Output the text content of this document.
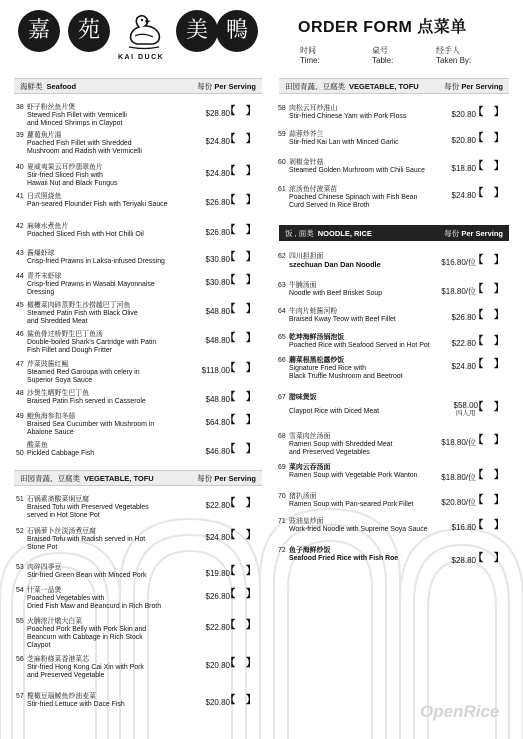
嘉	苑	美 鴨
KAI DUCK
ORDER FORM 点菜单
时间
Time:
桌号
Table:
经手人
Taken By:
海鮮类 Seafood	每份 Per Serving	田园青蔬、豆腐类 VEGETABLE, TOFU	每份 Per Serving
田园青蔬、豆腐类 VEGETABLE, TOFU	每份 Per Serving
饭 , 面类 NOODLE, RICE	每份 Per Serving
38 虾子粉丝鱼片煲
Stewed Fish Fillet with Vermicelli
and Minced Shrimps in Claypot
$28.80
【 】
39 蘿蔔魚片湯
Poached Fish Fillet with Shredded
Mushroom and Radish with Vermicelli
$24.80
【 】
40 夏威夷果云耳炒翡翠鱼片
Stir-fried Sliced Fish with
Hawaii Nut and Black Fungus
$24.80
【 】
41 日式照烧鱼
Pan-seared Flounder Fish with Teriyaki Sauce	$26.80
【 】
42 麻辣水煮鱼片
Poached Sliced Fish with Hot Chilli Oil	$26.80
【 】
43 酱爆虾球
Crisp-fried Prawns in Laksa-infused Dressing	$30.80
【 】
44 青芥末虾球
Crisp-fried Prawns in Wasabi Mayonnaise
Dressing
$30.80
【 】
45 橄欖菜肉碎蒸野生沙捞越巴丁河鱼
Steamed Patin Fish with Black Olive
and Shredded Meat
$48.80
【 】
46 鲨鱼骨过桥野生巴丁鱼汤
Double-boiled Shark's Cartridge with Patin
Fish Fillet and Dough Fritter
$48.80
【 】
47 芹菜豉酱红鲺
Steamed Red Garoupa with celery in
Superior Soya Sauce
$118.00
【 】
48 沙煲生晒野生巴丁鱼
Braised Patin Fish served in Casserole	$48.80
【 】
49 鮑魚海参扣冬菇
Braised Sea Cucumber with Mushroom in
Abalone Sauce
$64.80
【 】
50
酸菜鱼
Pickled Cabbage Fish	$46.80
【 】
51 石锅素斋酸菜焖豆腐
Braised Tofu with Preserved Vegetables
served in Hot Stone Pot
$22.80
【 】
52 石锅萝卜丝淡汤煮豆腐
Braised Tofu with Radish served in Hot
Stone Pot
$24.80
【 】
53 肉碎四季豆
Stir-fried Green Bean with Minced Pork	$19.80
【 】
54 什菜一品煲
Poached Vegetables with
Dried Fish Maw and Beancurd in Rich Broth
$26.80
【 】
55 火腩浓汁燉大白菜
Poached Pork Belly with Pork Skin and
Beancurn with Cabbage in Rich Stock
Claypot
$22.80
【 】
56 芝麻粉條菜香港菜芯
Stir-fried Hong Kong Cai Xin with Pork
and Preserved Vegetable
$20.80
【 】
57 榄橄豆瑙鯪鱼炒油麦菜
Stir-fried Lettuce with Dace Fish	$20.80
【 】
58 肉松云耳炒淮山
Stir-fried Chinese Yam with Pork Floss	$20.80
【 】
59 蒜蓉炒芥兰
Stir-fried Kai Lan with Minced Garlic	$20.80
【 】
60 剁椒金针菇
Steamed Golden Murhroom with Chili Sauce	$18.80
【 】
61 浓汤鱼付菠菜苗
Poached Chinese Spinach with Fish Bean
Curd Served In Rice Broth
$24.80
【 】
62 四川担担面
szechuan Dan Dan Noodle	$16.80/位
【 】
63 牛腩汤面
Noodle with Beef Brisket Soup	$18.80/位
【 】
64 牛肉片蚝酱河粉
Braised Kway Teow with Beef Fillet	$26.80
【 】
65 乾坤海鲜汤锅泡饭
Poached Rice with Seafood Served in Hot Pot	$22.80
【 】
66 蘑菜根黑松露炒饭
Signature Fried Rice with
Black Truffle Mushroom and Beetroot
$24.80
【 】
67 腊味煲饭
Claypot Rice with Diced Meat
$58.00
四人用
【 】
68 雪菜肉丝汤面
Ramen Soup with Shredded Meat
and Preserved Vegetables
$18.80/位
【 】
69 菜肉云吞汤面
Ramen Soup with Vegetable Pork Wanton	$18.80/位
【 】
70 猪扒汤面
Ramen Soup with Pan-seared Pork Fillet	$20.80/位
【 】
71 豉油皇炒面
Work-fried Noodle with Supreme Soya Sauce	$16.80
【 】
72 鱼子海鲜炒饭
Seafood Fried Rice with Fish Roe	$28.80
【 】
OpenRice
